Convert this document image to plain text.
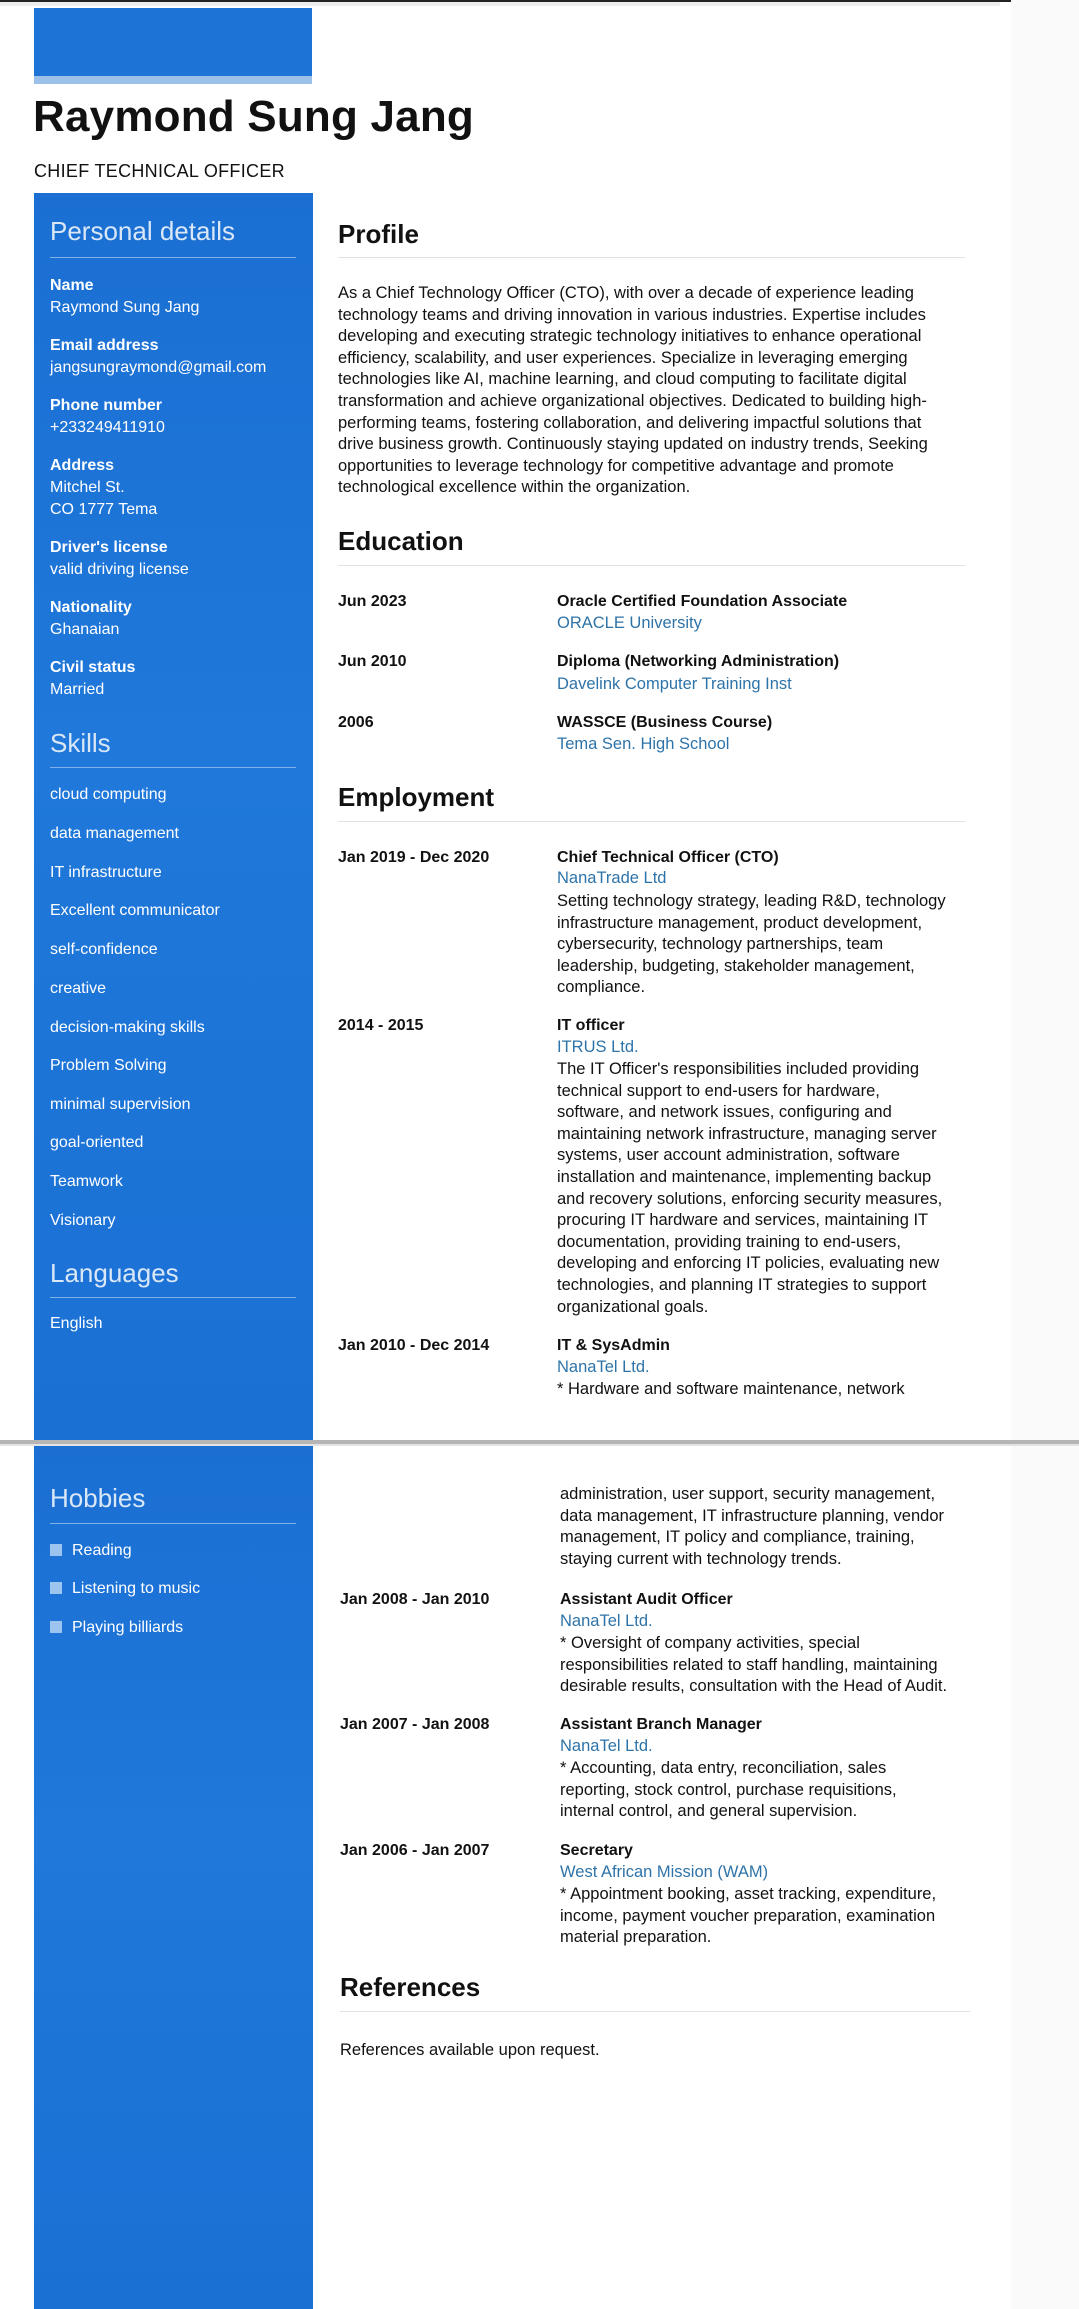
Raymond Sung Jang
CHIEF TECHNICAL OFFICER
Personal details
Name
Raymond Sung Jang
Email address
jangsungraymond@gmail.com
Phone number
+233249411910
Address
Mitchel St.
CO 1777 Tema
Driver's license
valid driving license
Nationality
Ghanaian
Civil status
Married
Skills
cloud computing
data management
IT infrastructure
Excellent communicator
self-confidence
creative
decision-making skills
Problem Solving
minimal supervision
goal-oriented
Teamwork
Visionary
Languages
English
Profile
As a Chief Technology Officer (CTO), with over a decade of experience leading
technology teams and driving innovation in various industries. Expertise includes
developing and executing strategic technology initiatives to enhance operational
efficiency, scalability, and user experiences. Specialize in leveraging emerging
technologies like AI, machine learning, and cloud computing to facilitate digital
transformation and achieve organizational objectives. Dedicated to building high-
performing teams, fostering collaboration, and delivering impactful solutions that
drive business growth. Continuously staying updated on industry trends, Seeking
opportunities to leverage technology for competitive advantage and promote
technological excellence within the organization.
Education
Jun 2023	Oracle Certified Foundation Associate
ORACLE University
Jun 2010	Diploma (Networking Administration)
Davelink Computer Training Inst
2006	WASSCE (Business Course)
Tema Sen. High School
Employment
Jan 2019 - Dec 2020	Chief Technical Officer (CTO)
NanaTrade Ltd
Setting technology strategy, leading R&D, technology
infrastructure management, product development,
cybersecurity, technology partnerships, team
leadership, budgeting, stakeholder management,
compliance.
2014 - 2015	IT officer
ITRUS Ltd.
The IT Officer's responsibilities included providing
technical support to end-users for hardware,
software, and network issues, configuring and
maintaining network infrastructure, managing server
systems, user account administration, software
installation and maintenance, implementing backup
and recovery solutions, enforcing security measures,
procuring IT hardware and services, maintaining IT
documentation, providing training to end-users,
developing and enforcing IT policies, evaluating new
technologies, and planning IT strategies to support
organizational goals.
Jan 2010 - Dec 2014	IT & SysAdmin
NanaTel Ltd.
* Hardware and software maintenance, network
Hobbies
Reading
Listening to music
Playing billiards
administration, user support, security management,
data management, IT infrastructure planning, vendor
management, IT policy and compliance, training,
staying current with technology trends.
Jan 2008 - Jan 2010	Assistant Audit Officer
NanaTel Ltd.
* Oversight of company activities, special
responsibilities related to staff handling, maintaining
desirable results, consultation with the Head of Audit.
Jan 2007 - Jan 2008	Assistant Branch Manager
NanaTel Ltd.
* Accounting, data entry, reconciliation, sales
reporting, stock control, purchase requisitions,
internal control, and general supervision.
Jan 2006 - Jan 2007	Secretary
West African Mission (WAM)
* Appointment booking, asset tracking, expenditure,
income, payment voucher preparation, examination
material preparation.
References
References available upon request.
